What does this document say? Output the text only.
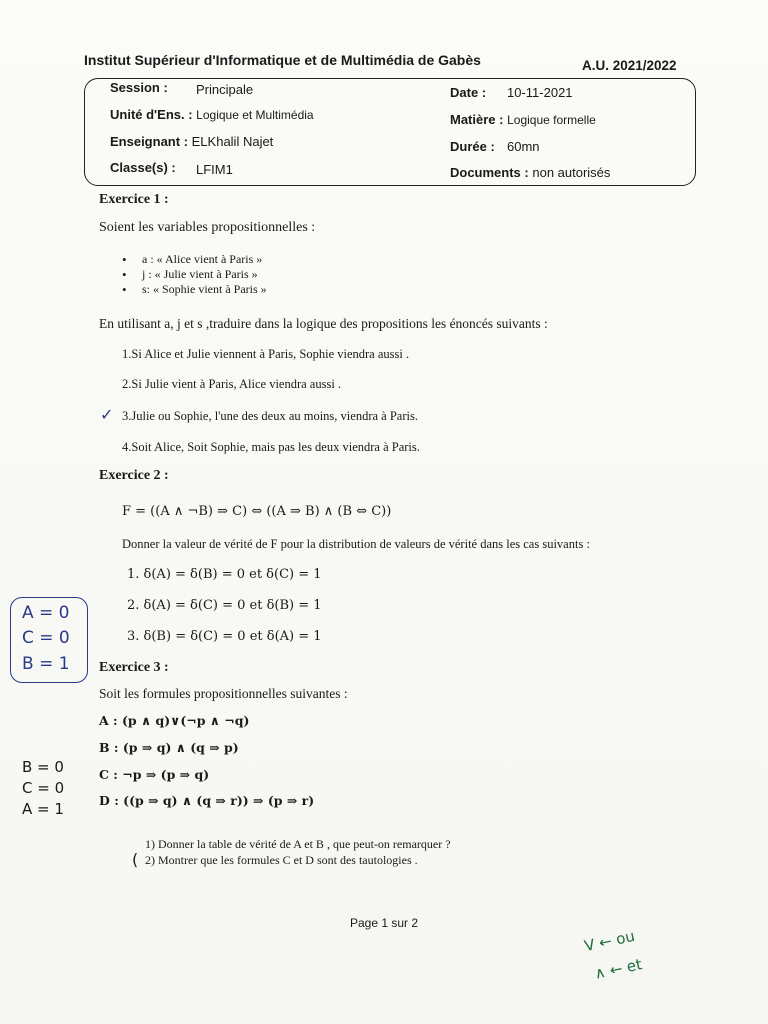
Institut Supérieur d'Informatique et de Multimédia de Gabès	A.U. 2021/2022
Session : Principale
Unité d'Ens. : Logique et Multimédia
Enseignant : ELKhalil Najet
Classe(s) : LFIM1
Date : 10-11-2021
Matière : Logique formelle
Durée : 60mn
Documents : non autorisés
Exercice 1 :
Soient les variables propositionnelles :
• a : « Alice vient à Paris »
• j : « Julie vient à Paris »
• s: « Sophie vient à Paris »
En utilisant a, j et s ,traduire dans la logique des propositions les énoncés suivants :
1.Si Alice et Julie viennent à Paris, Sophie viendra aussi .
2.Si Julie vient à Paris, Alice viendra aussi .
3.Julie ou Sophie, l'une des deux au moins, viendra à Paris.
4.Soit Alice, Soit Sophie, mais pas les deux viendra à Paris.
Exercice 2 :
F = ((A ∧ ¬B) ⇒ C) ⇔ ((A ⇒ B) ∧ (B ⇔ C))
Donner la valeur de vérité de F pour la distribution de valeurs de vérité dans les cas suivants :
1. δ(A) = δ(B) = 0 et δ(C) = 1
2. δ(A) = δ(C) = 0 et δ(B) = 1
3. δ(B) = δ(C) = 0 et δ(A) = 1
Exercice 3 :
Soit les formules propositionnelles suivantes :
A : (p ∧ q)∨(¬p ∧ ¬q)
B : (p ⇒ q) ∧ (q ⇒ p)
C : ¬p ⇒ (p ⇒ q)
D : ((p ⇒ q) ∧ (q ⇒ r)) ⇒ (p ⇒ r)
1) Donner la table de vérité de A et B , que peut-on remarquer ?
2) Montrer que les formules C et D sont des tautologies .
Page 1 sur 2
A = 0
C = 0
B = 1
B = 0
C = 0
A = 1
✓
(
V ← ou
∧ ← et
